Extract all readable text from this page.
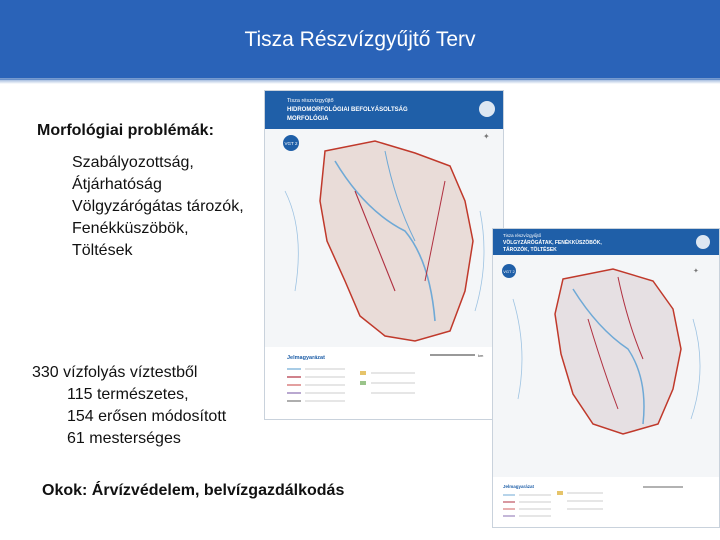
Tisza Részvízgyűjtő Terv
Tisza részvízgyűjtő
HIDROMORFOLÓGIAI BEFOLYÁSOLTSÁG
MORFOLÓGIA
VGT 2
✦
Jelmagyarázat	km
Tisza részvízgyűjtő
VÖLGYZÁRÓGÁTAK, FENÉKKÜSZÖBÖK,
TÁROZÓK, TÖLTÉSEK
VGT 2	✦
Jelmagyarázat
Morfológiai problémák:
Szabályozottság,
Átjárhatóság
Völgyzárógátas tározók,
Fenékküszöbök,
Töltések
330 vízfolyás víztestből
115 természetes,
154 erősen módosított
61 mesterséges
Okok: Árvízvédelem, belvízgazdálkodás
